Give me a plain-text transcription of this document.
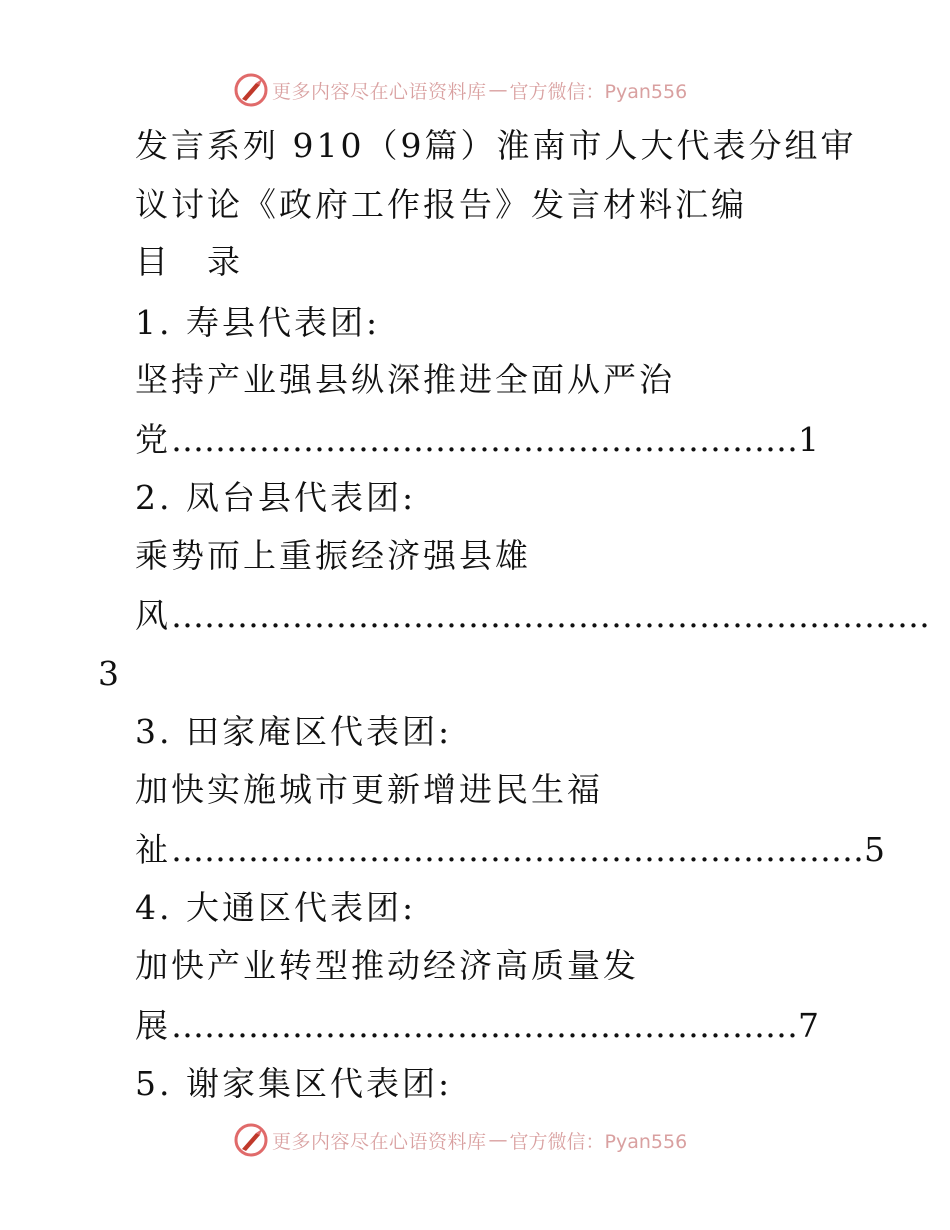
更多内容尽在心语资料库 — 官方微信：Pyan556
发言系列 910（9篇）淮南市人大代表分组审
议讨论《政府工作报告》发言材料汇编
目　录
1. 寿县代表团:
坚持产业强县纵深推进全面从严治
党…………………………………………………1
2. 凤台县代表团:
乘势而上重振经济强县雄
风……………………………………………………………
3
3. 田家庵区代表团:
加快实施城市更新增进民生福
祉………………………………………………………5
4. 大通区代表团:
加快产业转型推动经济高质量发
展…………………………………………………7
5. 谢家集区代表团:
更多内容尽在心语资料库 — 官方微信：Pyan556
